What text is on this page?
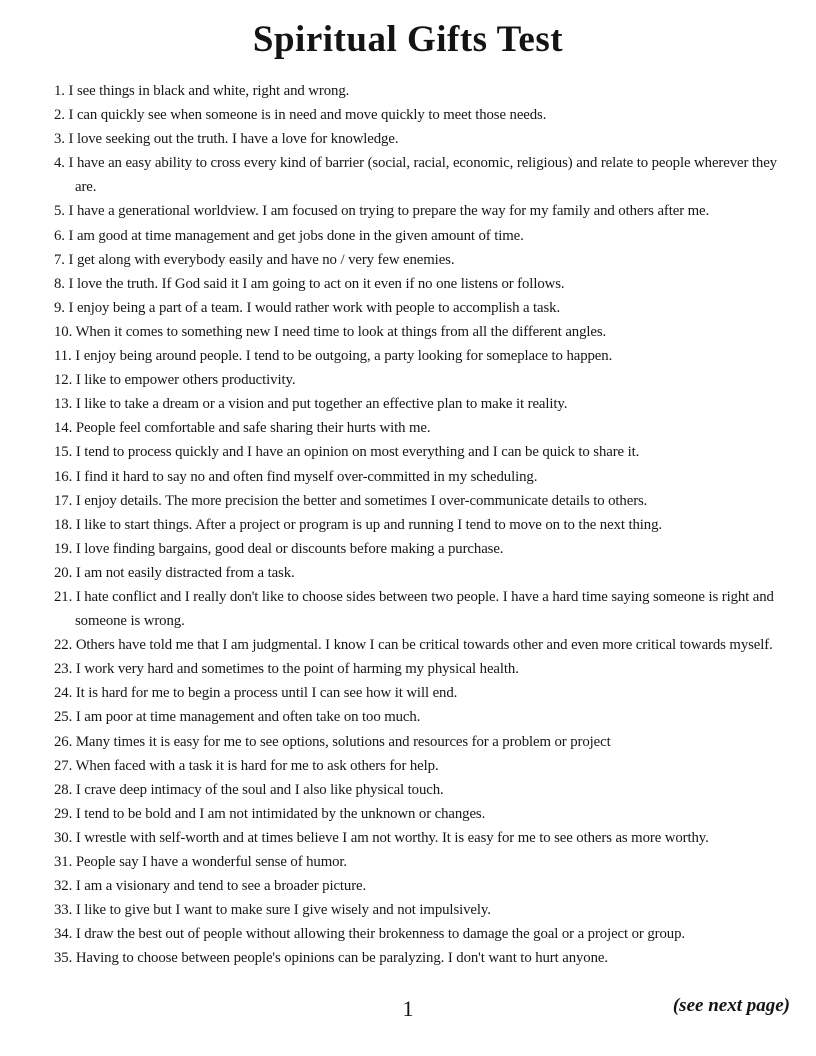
Spiritual Gifts Test
1. I see things in black and white, right and wrong.
2. I can quickly see when someone is in need and move quickly to meet those needs.
3. I love seeking out the truth. I have a love for knowledge.
4. I have an easy ability to cross every kind of barrier (social, racial, economic, religious) and relate to people wherever they are.
5. I have a generational worldview. I am focused on trying to prepare the way for my family and others after me.
6. I am good at time management and get jobs done in the given amount of time.
7. I get along with everybody easily and have no / very few enemies.
8. I love the truth. If God said it I am going to act on it even if no one listens or follows.
9. I enjoy being a part of a team. I would rather work with people to accomplish a task.
10. When it comes to something new I need time to look at things from all the different angles.
11. I enjoy being around people. I tend to be outgoing, a party looking for someplace to happen.
12. I like to empower others productivity.
13. I like to take a dream or a vision and put together an effective plan to make it reality.
14. People feel comfortable and safe sharing their hurts with me.
15. I tend to process quickly and I have an opinion on most everything and I can be quick to share it.
16. I find it hard to say no and often find myself over-committed in my scheduling.
17. I enjoy details. The more precision the better and sometimes I over-communicate details to others.
18. I like to start things. After a project or program is up and running I tend to move on to the next thing.
19. I love finding bargains, good deal or discounts before making a purchase.
20. I am not easily distracted from a task.
21. I hate conflict and I really don't like to choose sides between two people. I have a hard time saying someone is right and someone is wrong.
22. Others have told me that I am judgmental. I know I can be critical towards other and even more critical towards myself.
23. I work very hard and sometimes to the point of harming my physical health.
24. It is hard for me to begin a process until I can see how it will end.
25. I am poor at time management and often take on too much.
26. Many times it is easy for me to see options, solutions and resources for a problem or project
27. When faced with a task it is hard for me to ask others for help.
28. I crave deep intimacy of the soul and I also like physical touch.
29. I tend to be bold and I am not intimidated by the unknown or changes.
30. I wrestle with self-worth and at times believe I am not worthy. It is easy for me to see others as more worthy.
31. People say I have a wonderful sense of humor.
32. I am a visionary and tend to see a broader picture.
33. I like to give but I want to make sure I give wisely and not impulsively.
34. I draw the best out of people without allowing their brokenness to damage the goal or a project or group.
35. Having to choose between people's opinions can be paralyzing. I don't want to hurt anyone.
1	(see next page)
